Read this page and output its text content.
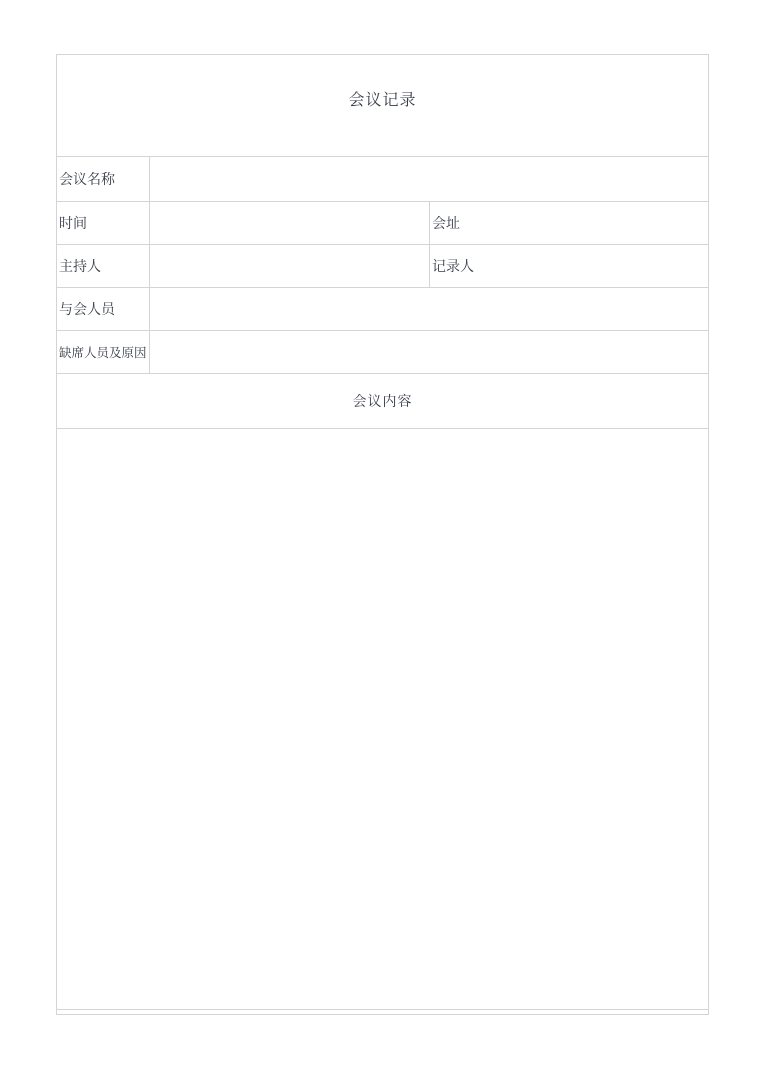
会议记录		
会议名称		
时间		会址
主持人		记录人
与会人员		
缺席人员及原因		
会议内容		
